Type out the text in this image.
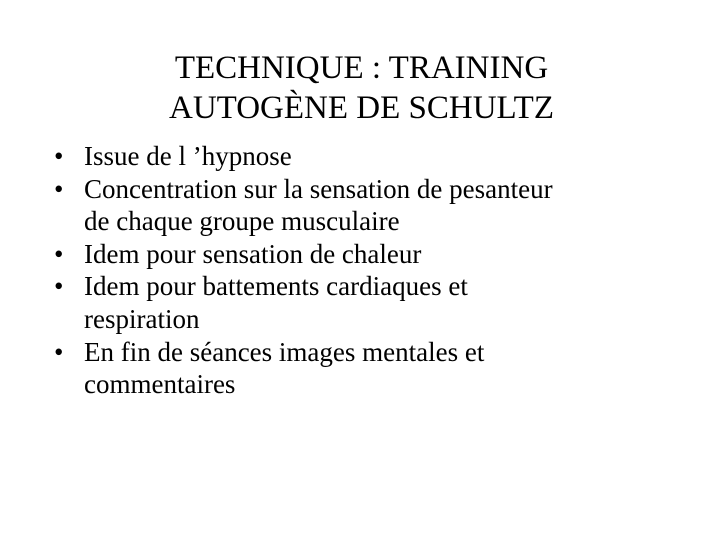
TECHNIQUE : TRAINING
AUTOGÈNE DE SCHULTZ
• Issue de l ’hypnose
• Concentration sur la sensation de pesanteur
de chaque groupe musculaire
• Idem pour sensation de chaleur
• Idem pour battements cardiaques et
respiration
• En fin de séances images mentales et
commentaires
